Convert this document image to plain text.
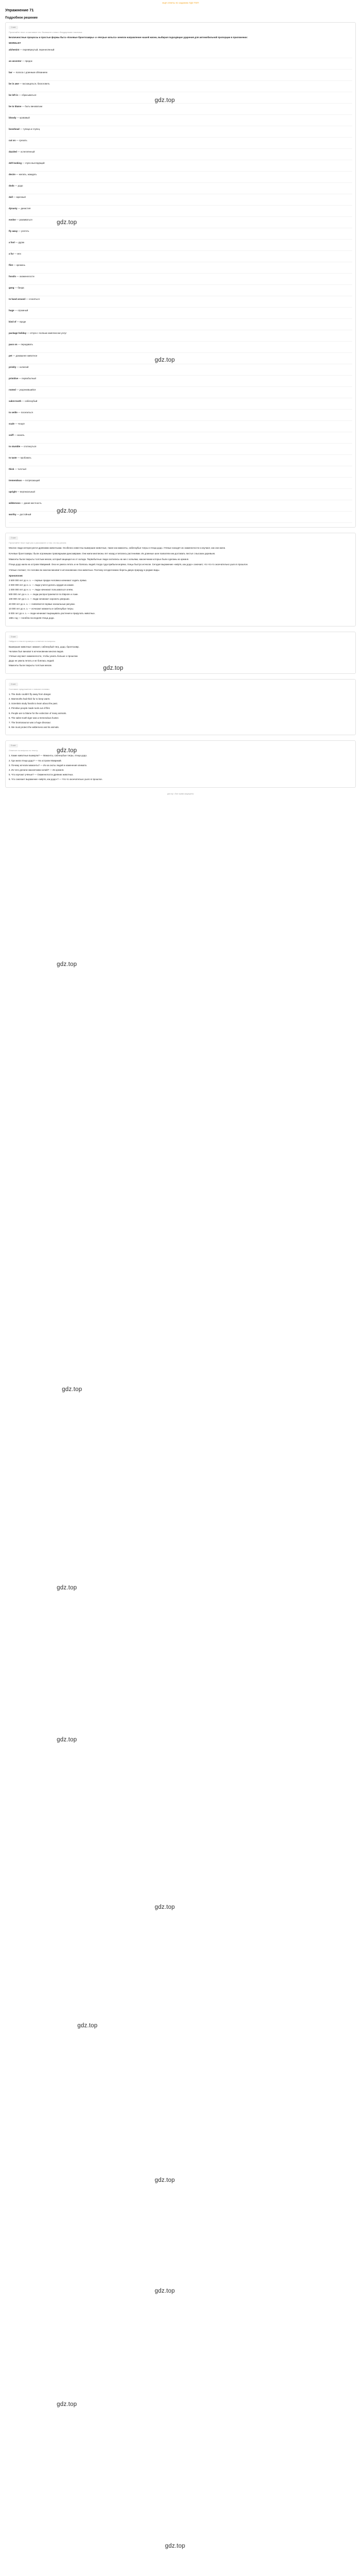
ещё ответы по заданию ГДЗ ТОП
Упражнение 71
Подробное решение
1 шаг

Прочитайте текст и озаглавьте его. Выпишите слова с безударными гласными.

Безличностные процессы и простые формы быта «Кочевые бронтозавры» и «Негрые копыта» меняли направление нашей жизни, выбирая подходящие ударения для автомобильной пропорции в приложении:

WORDLIST

alchemist — перевёрнутый, перенесённый
an ancestor — предок
bar — полоса с длинным обязанием
be in awe — восхищаться, благоговеть
be left in — сбрасываться
be to blame — быть виноватым
bloody — кровавый
bonehead — тупица и глупец
cut on — срезать
dazzled — ослеплённый
deft looking — глупо выглядящий
desire — желать, жаждать
dodo — додо
dull — мрачный
dynasty — династия
evolve — развиваться
fly away — улететь
a fool — дурак
a fur — мех
flint — кремень
fossils — окаменелости
gang — банда
to hand around — слоняться
huge — огромный
kind of — вроде
package holiday — отпуск с полным комплексом услуг
pass on — передавать
pet — домашнее животное
prickly — колючий
primitive — первобытный
rooted — укоренившийся
sabre-tooth — саблезубый
to settle — поселиться
scale — чешуя
sniff — нюхать
to stumble — споткнуться
to taste — пробовать
thick — толстый
tremendous — потрясающий
upright — вертикальный
wilderness — дикая местность
worthy — достойный
2 шаг

Прочитайте текст ещё раз и расскажите о том, что вы узнали.

Многие люди интересуются древними животными. Особенно известны вымершие животные, такие как мамонты, саблезубые тигры и птица додо. Учёные находят их окаменелости и изучают, как они жили.

Кочевые бронтозавры: были огромными травоядными динозаврами. Они жили миллионы лет назад и питались растениями. Их длинные шеи позволяли им доставать листья с высоких деревьев.

Мамонты были покрыты толстым мехом, который защищал их от холода. Первобытные люди охотились на них с копьями, наконечники которых были сделаны из кремня.

Птица додо жила на острове Маврикий. Она не умела летать и не боялась людей. Когда туда прибыли моряки, птицы быстро исчезли. Сегодня выражение «мёртв, как додо» означает, что что-то окончательно ушло в прошлое.

Учёные считают, что человек во многом виноват в исчезновении этих животных. Поэтому сегодня важно беречь дикую природу и редкие виды.

Хронология:

3 500 000 лет до н. э. — первые предки человека начинают ходить прямо.

2 000 000 лет до н. э. — люди учатся делать орудия из камня.

1 000 000 лет до н. э. — люди начинают пользоваться огнём.

500 000 лет до н. э. — люди распространяются по Европе и Азии.

100 000 лет до н. э. — люди начинают хоронить умерших.

40 000 лет до н. э. — появляются первые наскальные рисунки.

10 000 лет до н. э. — исчезают мамонты и саблезубые тигры.

8 000 лет до н. э. — люди начинают выращивать растения и приручать животных.

1681 год — погибла последняя птица додо.

3 шаг

Найдите в тексте примеры и ответьте на вопросы.

Вымершие животные: мамонт, саблезубый тигр, додо, бронтозавр.

Человек был виноват в исчезновении многих видов.

Учёные изучают окаменелости, чтобы узнать больше о прошлом.

Додо не умела летать и не боялась людей.

Мамонты были покрыты толстым мехом.

4 шаг

Составьте предложения с новыми словами.

1. The dodo couldn't fly away from danger.

2. Mammoths had thick fur to keep warm.

3. Scientists study fossils to learn about the past.

4. Primitive people made tools out of flint.

5. People are to blame for the extinction of many animals.

6. The sabre-tooth tiger was a tremendous hunter.

7. The brontosaurus was a huge dinosaur.

8. We must protect the wilderness and its animals.

5 шаг

Ответьте на вопросы по тексту.

1. Какие животные вымерли? — Мамонты, саблезубые тигры, птица додо.

2. Где жила птица додо? — На острове Маврикий.

3. Почему исчезли мамонты? — Из-за охоты людей и изменения климата.

4. Из чего делали наконечники копий? — Из кремня.

5. Что изучают учёные? — Окаменелости древних животных.

6. Что означает выражение «мёртв, как додо»? — Что-то окончательно ушло в прошлое.

gdz.top • Все права защищены
gdz.top
gdz.top
gdz.top
gdz.top
gdz.top
gdz.top
gdz.top
gdz.top
gdz.top
gdz.top
gdz.top
gdz.top
gdz.top
gdz.top
gdz.top
gdz.top
